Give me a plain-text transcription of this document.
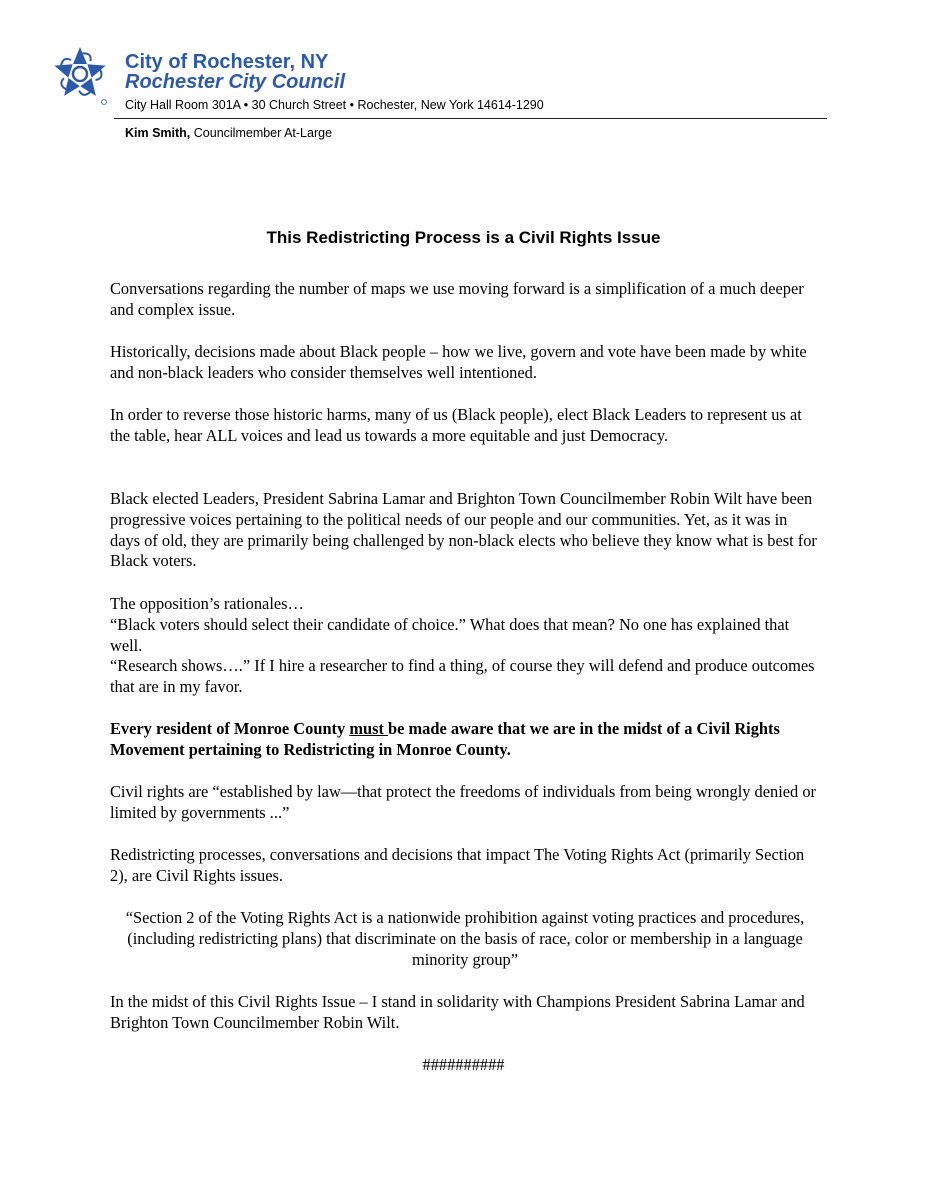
City of Rochester, NY
Rochester City Council
City Hall Room 301A • 30 Church Street • Rochester, New York 14614-1290
Kim Smith, Councilmember At-Large
This Redistricting Process is a Civil Rights Issue

Conversations regarding the number of maps we use moving forward is a simplification of a much deeper and complex issue.

Historically, decisions made about Black people – how we live, govern and vote have been made by white and non-black leaders who consider themselves well intentioned.

In order to reverse those historic harms, many of us (Black people), elect Black Leaders to represent us at the table, hear ALL voices and lead us towards a more equitable and just Democracy.

Black elected Leaders, President Sabrina Lamar and Brighton Town Councilmember Robin Wilt have been progressive voices pertaining to the political needs of our people and our communities. Yet, as it was in days of old, they are primarily being challenged by non-black elects who believe they know what is best for Black voters.

The opposition’s rationales…

“Black voters should select their candidate of choice.” What does that mean? No one has explained that well.

“Research shows….” If I hire a researcher to find a thing, of course they will defend and produce outcomes that are in my favor.

Every resident of Monroe County must be made aware that we are in the midst of a Civil Rights Movement pertaining to Redistricting in Monroe County.

Civil rights are “established by law—that protect the freedoms of individuals from being wrongly denied or limited by governments ...”

Redistricting processes, conversations and decisions that impact The Voting Rights Act (primarily Section 2), are Civil Rights issues.

“Section 2 of the Voting Rights Act is a nationwide prohibition against voting practices and procedures, (including redistricting plans) that discriminate on the basis of race, color or membership in a language minority group”

In the midst of this Civil Rights Issue – I stand in solidarity with Champions President Sabrina Lamar and Brighton Town Councilmember Robin Wilt.

##########
